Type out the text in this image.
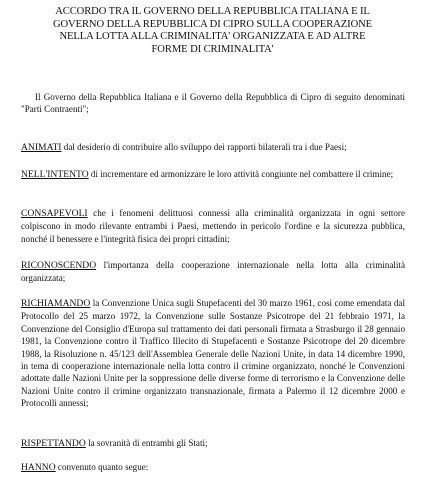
ACCORDO TRA IL GOVERNO DELLA REPUBBLICA ITALIANA E IL
GOVERNO DELLA REPUBBLICA DI CIPRO SULLA COOPERAZIONE
NELLA LOTTA ALLA CRIMINALITA' ORGANIZZATA E AD ALTRE
FORME DI CRIMINALITA'

Il Governo della Repubblica Italiana e il Governo della Repubblica di Cipro di seguito denominati "Parti Contraenti";

ANIMATI dal desiderio di contribuire allo sviluppo dei rapporti bilaterali tra i due Paesi;

NELL'INTENTO di incrementare ed armonizzare le loro attività congiunte nel combattere il crimine;

CONSAPEVOLI che i fenomeni delittuosi connessi alla criminalità organizzata in ogni settore colpiscono in modo rilevante entrambi i Paesi, mettendo in pericolo l'ordine e la sicurezza pubblica, nonché il benessere e l'integrità fisica dei propri cittadini;

RICONOSCENDO l'importanza della cooperazione internazionale nella lotta alla criminalità organizzata;

RICHIAMANDO la Convenzione Unica sugli Stupefacenti del 30 marzo 1961, così come emendata dal Protocollo del 25 marzo 1972, la Convenzione sulle Sostanze Psicotrope del 21 febbraio 1971, la Convenzione del Consiglio d'Europa sul trattamento dei dati personali firmata a Strasburgo il 28 gennaio 1981, la Convenzione contro il Traffico Illecito di Stupefacenti e Sostanze Psicotrope del 20 dicembre 1988, la Risoluzione n. 45/123 dell'Assemblea Generale delle Nazioni Unite, in data 14 dicembre 1990, in tema di cooperazione internazionale nella lotta contro il crimine organizzato, nonché le Convenzioni adottate dalle Nazioni Unite per la soppressione delle diverse forme di terrorismo e la Convenzione delle Nazioni Unite contro il crimine organizzato transnazionale, firmata a Palermo il 12 dicembre 2000 e Protocolli annessi;

RISPETTANDO la sovranità di entrambi gli Stati;

HANNO convenuto quanto segue:
